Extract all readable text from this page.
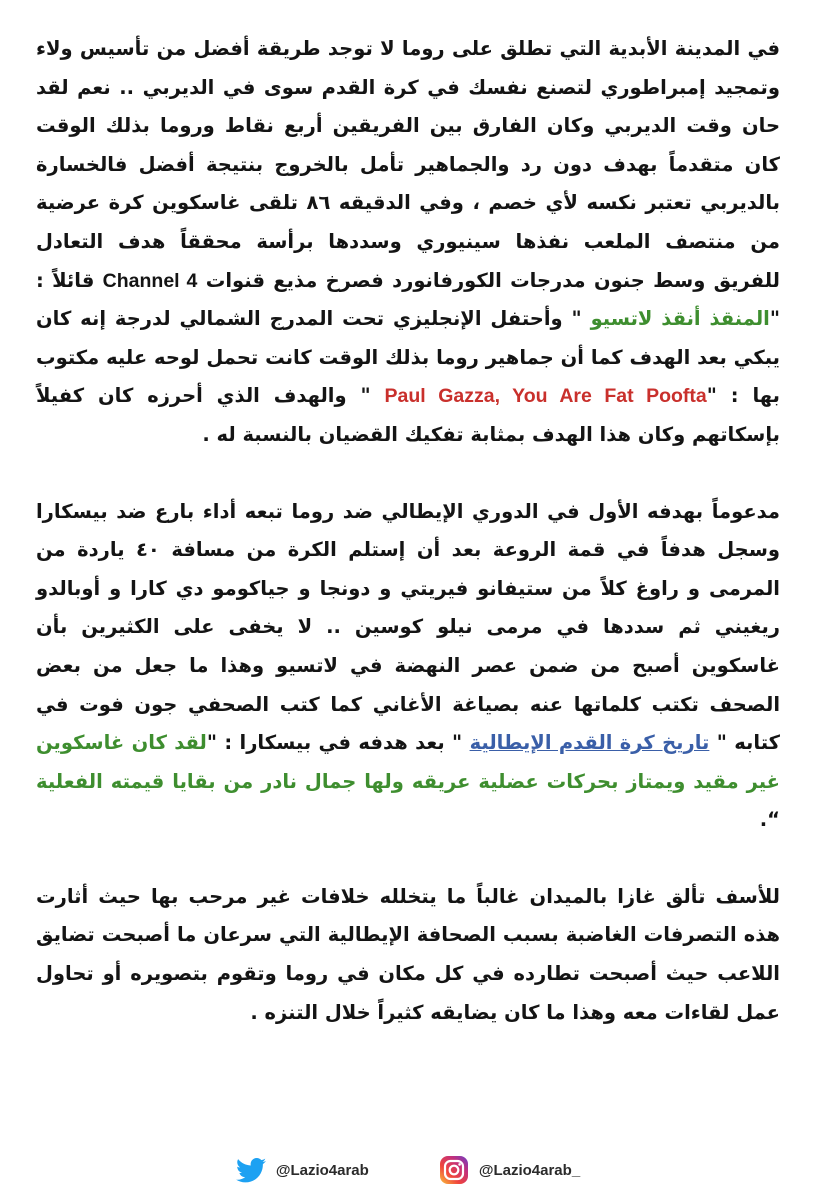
في المدينة الأبدية التي تطلق على روما لا توجد طريقة أفضل من تأسيس ولاء وتمجيد إمبراطوري لتصنع نفسك في كرة القدم سوى في الديربي .. نعم لقد حان وقت الديربي وكان الفارق بين الفريقين أربع نقاط وروما بذلك الوقت كان متقدماً بهدف دون رد والجماهير تأمل بالخروج بنتيجة أفضل فالخسارة بالديربي تعتبر نكسه لأي خصم ، وفي الدقيقه ٨٦ تلقى غاسكوين كرة عرضية من منتصف الملعب نفذها سينيوري وسددها برأسة محققاً هدف التعادل للفريق وسط جنون مدرجات الكورفانورد فصرخ مذيع قنوات Channel 4 قائلاً : "المنقذ أنقذ لاتسيو " وأحتفل الإنجليزي تحت المدرج الشمالي لدرجة إنه كان يبكي بعد الهدف كما أن جماهير روما بذلك الوقت كانت تحمل لوحه عليه مكتوب بها : "Paul Gazza, You Are Fat Poofta " والهدف الذي أحرزه كان كفيلاً بإسكاتهم وكان هذا الهدف بمثابة تفكيك القضيان بالنسبة له .

مدعوماً بهدفه الأول في الدوري الإيطالي ضد روما تبعه أداء بارع ضد بيسكارا وسجل هدفاً في قمة الروعة بعد أن إستلم الكرة من مسافة ٤٠ ياردة من المرمى و راوغ كلاً من ستيفانو فيريتي و دونجا و جياكومو دي كارا و أوبالدو ريغيني ثم سددها في مرمى نيلو كوسين .. لا يخفى على الكثيرين بأن غاسكوين أصبح من ضمن عصر النهضة في لاتسيو وهذا ما جعل من بعض الصحف تكتب كلماتها عنه بصياغة الأغاني كما كتب الصحفي جون فوت في كتابه " تاريخ كرة القدم الإيطالية " بعد هدفه في بيسكارا : "لقد كان غاسكوين غير مقيد ويمتاز بحركات عضلية عريقه ولها جمال نادر من بقايا قيمته الفعلية “.

للأسف تألق غازا بالميدان غالباً ما يتخلله خلافات غير مرحب بها حيث أثارت هذه التصرفات الغاضبة بسبب الصحافة الإيطالية التي سرعان ما أصبحت تضايق اللاعب حيث أصبحت تطارده في كل مكان في روما وتقوم بتصويره أو تحاول عمل لقاءات معه وهذا ما كان يضايقه كثيراً خلال التنزه .

@Lazio4arab	@Lazio4arab_
